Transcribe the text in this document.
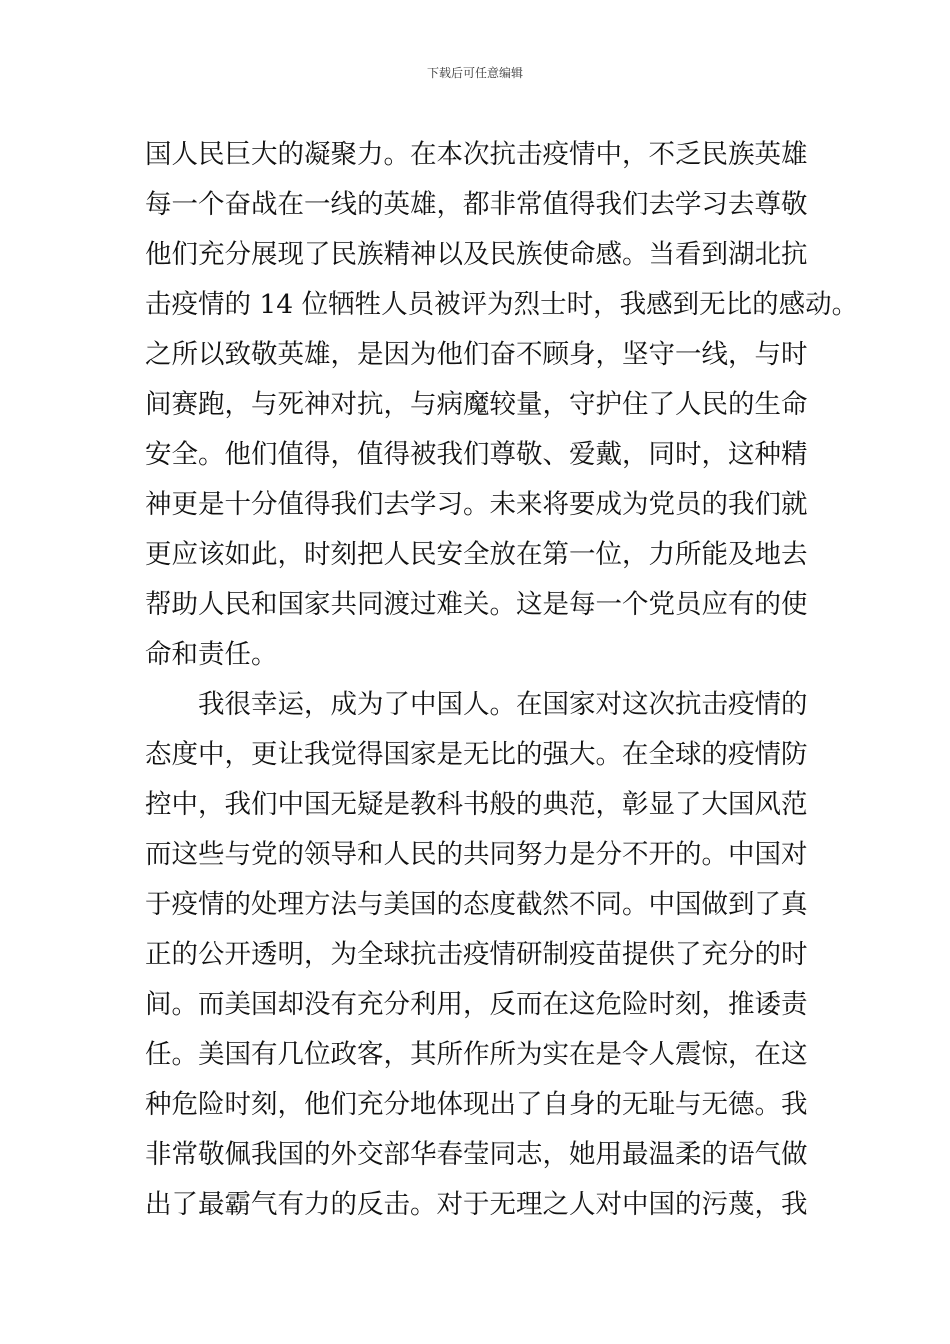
下载后可任意编辑
国人民巨大的凝聚力。在本次抗击疫情中，不乏民族英雄
每一个奋战在一线的英雄，都非常值得我们去学习去尊敬
他们充分展现了民族精神以及民族使命感。当看到湖北抗
击疫情的 14 位牺牲人员被评为烈士时，我感到无比的感动。
之所以致敬英雄，是因为他们奋不顾身，坚守一线，与时
间赛跑，与死神对抗，与病魔较量，守护住了人民的生命
安全。他们值得，值得被我们尊敬、爱戴，同时，这种精
神更是十分值得我们去学习。未来将要成为党员的我们就
更应该如此，时刻把人民安全放在第一位，力所能及地去
帮助人民和国家共同渡过难关。这是每一个党员应有的使
命和责任。
　　我很幸运，成为了中国人。在国家对这次抗击疫情的
态度中，更让我觉得国家是无比的强大。在全球的疫情防
控中，我们中国无疑是教科书般的典范，彰显了大国风范
而这些与党的领导和人民的共同努力是分不开的。中国对
于疫情的处理方法与美国的态度截然不同。中国做到了真
正的公开透明，为全球抗击疫情研制疫苗提供了充分的时
间。而美国却没有充分利用，反而在这危险时刻，推诿责
任。美国有几位政客，其所作所为实在是令人震惊，在这
种危险时刻，他们充分地体现出了自身的无耻与无德。我
非常敬佩我国的外交部华春莹同志，她用最温柔的语气做
出了最霸气有力的反击。对于无理之人对中国的污蔑，我
